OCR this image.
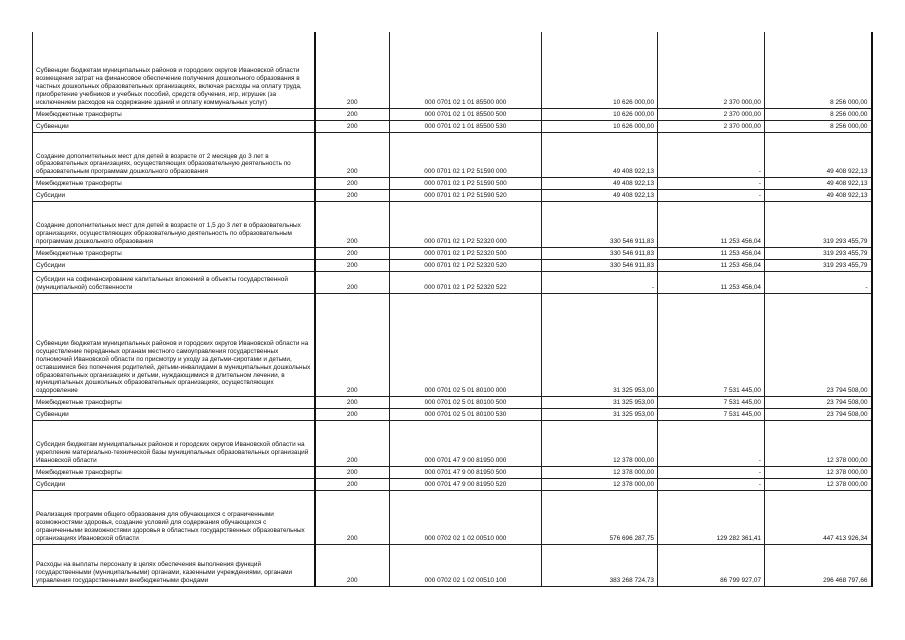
Субвенции бюджетам муниципальных районов и городских округов Ивановской области возмещения затрат на финансовое обеспечение получения дошкольного образования в частных дошкольных образовательных организациях, включая расходы на оплату труда, приобретение учебников и учебных пособий, средств обучения, игр, игрушек (за исключением расходов на содержание зданий и оплату коммунальных услуг)	200	000 0701 02 1 01 85500 000	10 626 000,00	2 370 000,00	8 256 000,00
Межбюджетные трансферты	200	000 0701 02 1 01 85500 500	10 626 000,00	2 370 000,00	8 256 000,00
Субвенции	200	000 0701 02 1 01 85500 530	10 626 000,00	2 370 000,00	8 256 000,00

Создание дополнительных мест для детей в возрасте от 2 месяцев до 3 лет в образовательных организациях, осуществляющих образовательную деятельность по образовательным программам дошкольного образования	200	000 0701 02 1 P2 51590 000	49 408 922,13	-	49 408 922,13
Межбюджетные трансферты	200	000 0701 02 1 P2 51590 500	49 408 922,13	-	49 408 922,13
Субсидии	200	000 0701 02 1 P2 51590 520	49 408 922,13	-	49 408 922,13

Создание дополнительных мест для детей в возрасте от 1,5 до 3 лет в образовательных организациях, осуществляющих образовательную деятельность по образовательным программам дошкольного образования	200	000 0701 02 1 P2 52320 000	330 546 911,83	11 253 456,04	319 293 455,79
Межбюджетные трансферты	200	000 0701 02 1 P2 52320 500	330 546 911,83	11 253 456,04	319 293 455,79
Субсидии	200	000 0701 02 1 P2 52320 520	330 546 911,83	11 253 456,04	319 293 455,79
Субсидии на софинансирование капитальных вложений в объекты государственной (муниципальной) собственности	200	000 0701 02 1 P2 52320 522	-	11 253 456,04	-

Субвенции бюджетам муниципальных районов и городских округов Ивановской области на осуществление переданных органам местного самоуправления государственных полномочий Ивановской области по присмотру и уходу за детьми-сиротами и детьми, оставшимися без попечения родителей, детьми-инвалидами в муниципальных дошкольных образовательных организациях и детьми, нуждающимися в длительном лечении, в муниципальных дошкольных образовательных организациях, осуществляющих оздоровление	200	000 0701 02 5 01 80100 000	31 325 953,00	7 531 445,00	23 794 508,00
Межбюджетные трансферты	200	000 0701 02 5 01 80100 500	31 325 953,00	7 531 445,00	23 794 508,00
Субвенции	200	000 0701 02 5 01 80100 530	31 325 953,00	7 531 445,00	23 794 508,00

Субсидия бюджетам муниципальных районов и городских округов Ивановской области на укрепление материально-технической базы муниципальных образовательных организаций Ивановской области	200	000 0701 47 9 00 81950 000	12 378 000,00	-	12 378 000,00
Межбюджетные трансферты	200	000 0701 47 9 00 81950 500	12 378 000,00	-	12 378 000,00
Субсидии	200	000 0701 47 9 00 81950 520	12 378 000,00	-	12 378 000,00
Реализация программ общего образования для обучающихся с ограниченными возможностями здоровья, создание условий для содержания обучающихся с ограниченными возможностями здоровья в областных государственных образовательных организациях Ивановской области	200	000 0702 02 1 02 00510 000	576 696 287,75	129 282 361,41	447 413 926,34
Расходы на выплаты персоналу в целях обеспечения выполнения функций государственными (муниципальными) органами, казенными учреждениями, органами управления государственными внебюджетными фондами	200	000 0702 02 1 02 00510 100	383 268 724,73	86 799 927,07	296 468 797,66
